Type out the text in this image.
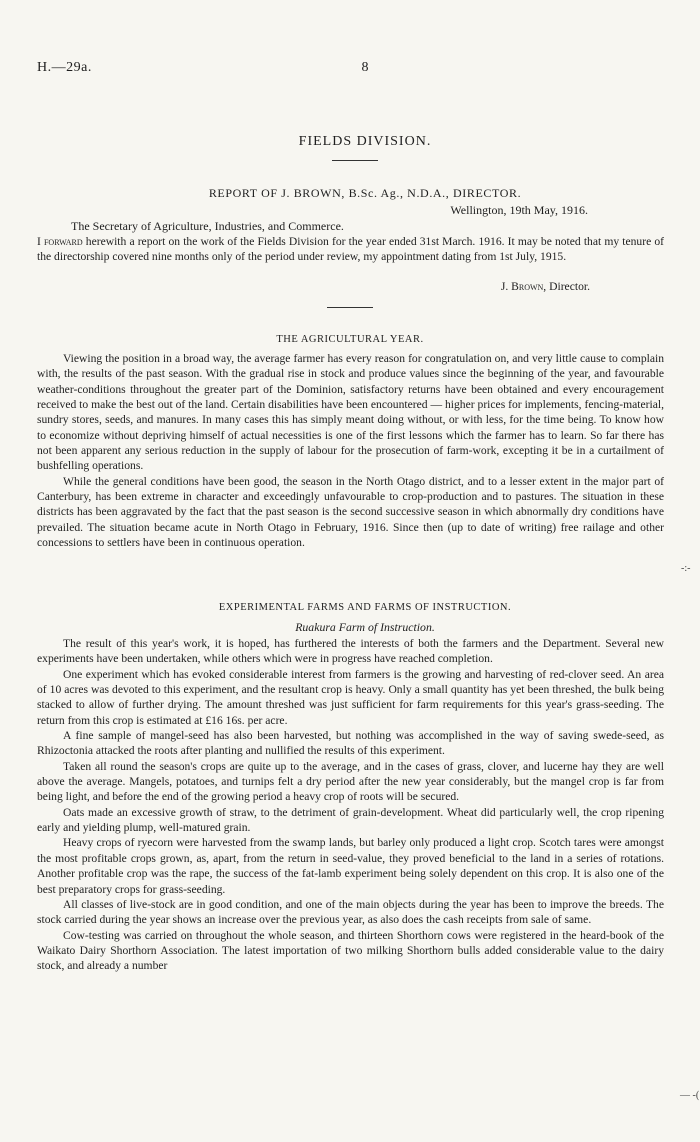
H.—29a.	8
FIELDS DIVISION.
REPORT OF J. BROWN, B.Sc. Ag., N.D.A., DIRECTOR.
Wellington, 19th May, 1916.
The Secretary of Agriculture, Industries, and Commerce.
I forward herewith a report on the work of the Fields Division for the year ended 31st March. 1916. It may be noted that my tenure of the directorship covered nine months only of the period under review, my appointment dating from 1st July, 1915.
J. Brown, Director.
THE AGRICULTURAL YEAR.

Viewing the position in a broad way, the average farmer has every reason for congratulation on, and very little cause to complain with, the results of the past season. With the gradual rise in stock and produce values since the beginning of the year, and favourable weather-conditions throughout the greater part of the Dominion, satisfactory returns have been obtained and every encouragement received to make the best out of the land. Certain disabilities have been encountered — higher prices for implements, fencing-material, sundry stores, seeds, and manures. In many cases this has simply meant doing without, or with less, for the time being. To know how to economize without depriving himself of actual necessities is one of the first lessons which the farmer has to learn. So far there has not been apparent any serious reduction in the supply of labour for the prosecution of farm-work, excepting it be in a curtailment of bushfelling operations.

While the general conditions have been good, the season in the North Otago district, and to a lesser extent in the major part of Canterbury, has been extreme in character and exceedingly unfavourable to crop-production and to pastures. The situation in these districts has been aggravated by the fact that the past season is the second successive season in which abnormally dry conditions have prevailed. The situation became acute in North Otago in February, 1916. Since then (up to date of writing) free railage and other concessions to settlers have been in continuous operation.

EXPERIMENTAL FARMS AND FARMS OF INSTRUCTION.
Ruakura Farm of Instruction.

The result of this year's work, it is hoped, has furthered the interests of both the farmers and the Department. Several new experiments have been undertaken, while others which were in progress have reached completion.

One experiment which has evoked considerable interest from farmers is the growing and harvesting of red-clover seed. An area of 10 acres was devoted to this experiment, and the resultant crop is heavy. Only a small quantity has yet been threshed, the bulk being stacked to allow of further drying. The amount threshed was just sufficient for farm requirements for this year's grass-seeding. The return from this crop is estimated at £16 16s. per acre.

A fine sample of mangel-seed has also been harvested, but nothing was accomplished in the way of saving swede-seed, as Rhizoctonia attacked the roots after planting and nullified the results of this experiment.

Taken all round the season's crops are quite up to the average, and in the cases of grass, clover, and lucerne hay they are well above the average. Mangels, potatoes, and turnips felt a dry period after the new year considerably, but the mangel crop is far from being light, and before the end of the growing period a heavy crop of roots will be secured.

Oats made an excessive growth of straw, to the detriment of grain-development. Wheat did particularly well, the crop ripening early and yielding plump, well-matured grain.

Heavy crops of ryecorn were harvested from the swamp lands, but barley only produced a light crop. Scotch tares were amongst the most profitable crops grown, as, apart, from the return in seed-value, they proved beneficial to the land in a series of rotations. Another profitable crop was the rape, the success of the fat-lamb experiment being solely dependent on this crop. It is also one of the best preparatory crops for grass-seeding.

All classes of live-stock are in good condition, and one of the main objects during the year has been to improve the breeds. The stock carried during the year shows an increase over the previous year, as also does the cash receipts from sale of same.

Cow-testing was carried on throughout the whole season, and thirteen Shorthorn cows were registered in the heard-book of the Waikato Dairy Shorthorn Association. The latest importation of two milking Shorthorn bulls added considerable value to the dairy stock, and already a number

-:-
— -(
